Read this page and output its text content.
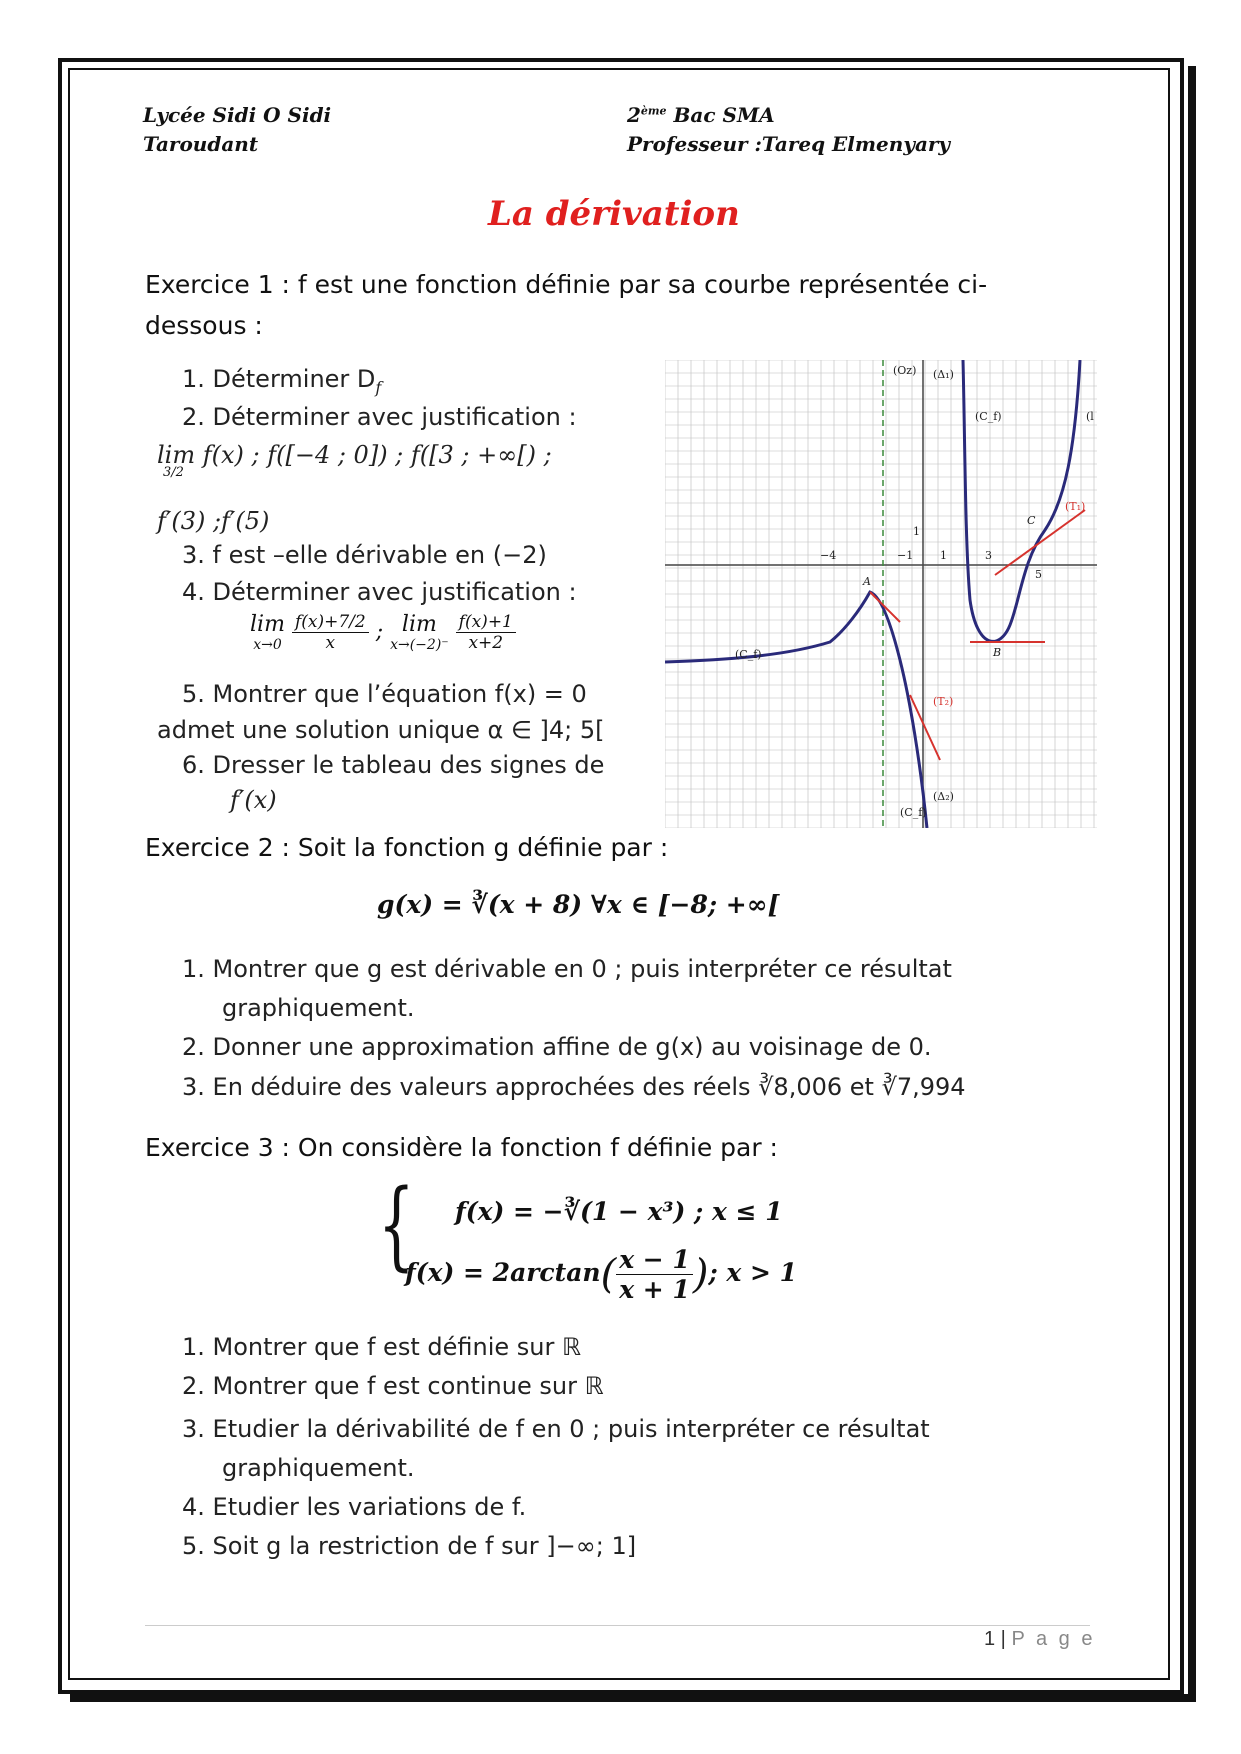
Lycée Sidi O Sidi
Taroudant
2ème Bac SMA
Professeur :Tareq Elmenyary
La dérivation
Exercice 1 : f est une fonction définie par sa courbe représentée ci-
dessous :
1. Déterminer $D_f$
2. Déterminer avec justification :
lim f(x) ; f([−4 ; 0]) ; f([3 ; +∞[) ;
3/2
f′(3) ;f′(5)
3. f est –elle dérivable en (−2)
4. Déterminer avec justification :
lim
x→0
$\frac{f(x)+7/2}{x}$ ; lim
x→(−2)⁻
$\frac{f(x)+1}{x+2}$
5. Montrer que l’équation f(x) = 0
admet une solution unique α ∈ ]4; 5[
6. Dresser le tableau des signes de
f′(x)
(Oz) (Δ₁)
(Δ₂)
(C_f)
(C_f)
(C_f)
(T₁)
(T₂)
A
B
C
−4	−1 1
1
3
5
(l
Exercice 2 : Soit la fonction g définie par :
g(x) = ∛(x + 8) ∀x ∈ [−8; +∞[
1. Montrer que g est dérivable en 0 ; puis interpréter ce résultat
graphiquement.
2. Donner une approximation affine de g(x) au voisinage de 0.
3. En déduire des valeurs approchées des réels ∛8,006 et ∛7,994
Exercice 3 : On considère la fonction f définie par :
{ f(x) = −∛(1 − x³) ; x ≤ 1
$f(x) = 2\arctan( \frac{x - 1}{x + 1}$ ); x > 1
1. Montrer que f est définie sur ℝ
2. Montrer que f est continue sur ℝ
3. Etudier la dérivabilité de f en 0 ; puis interpréter ce résultat
graphiquement.
4. Etudier les variations de f.
5. Soit g la restriction de f sur ]−∞; 1]
1 | P a g e
